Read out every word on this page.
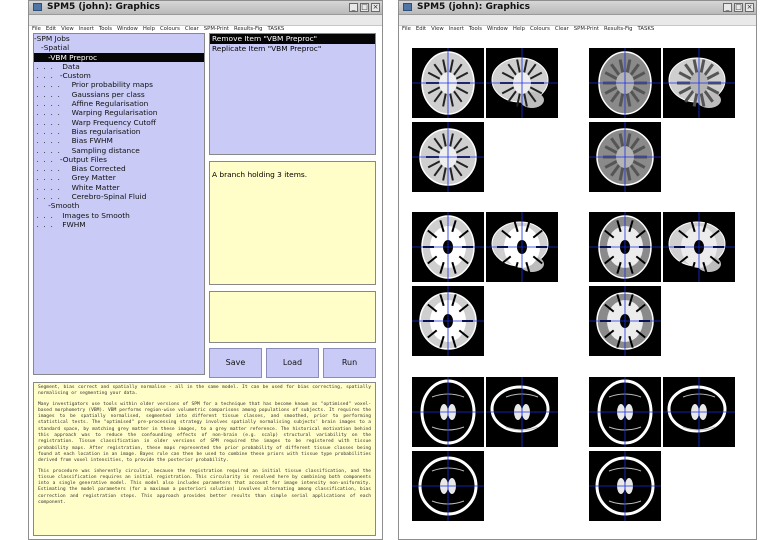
SPM5 (john): Graphics	_ □ ×
File Edit View Insert Tools Window Help Colours Clear SPM-Print Results-Fig TASKS
-SPM Jobs
-Spatial
-VBM Preproc
.  .  .    Data
.  .  .   -Custom
.  .  .  .     Prior probability maps
.  .  .  .     Gaussians per class
.  .  .  .     Affine Regularisation
.  .  .  .     Warping Regularisation
.  .  .  .     Warp Frequency Cutoff
.  .  .  .     Bias regularisation
.  .  .  .     Bias FWHM
.  .  .  .     Sampling distance
.  .  .   -Output Files
.  .  .  .     Bias Corrected
.  .  .  .     Grey Matter
.  .  .  .     White Matter
.  .  .  .     Cerebro-Spinal Fluid
-Smooth
.  .  .    Images to Smooth
.  .  .    FWHM
Remove Item "VBM Preproc"
Replicate Item "VBM Preproc"
A branch holding 3 items.
Save	Load	Run

Segment, bias correct and spatially normalise - all in the same model. It can be used for bias correcting, spatially normalising or segmenting your data.

Many investigators use tools within older versions of SPM for a technique that has become known as "optimised" voxel-based morphometry (VBM). VBM performs region-wise volumetric comparisons among populations of subjects. It requires the images to be spatially normalised, segmented into different tissue classes, and smoothed, prior to performing statistical tests. The "optimised" pre-processing strategy involves spatially normalising subjects' brain images to a standard space, by matching grey matter in these images, to a grey matter reference. The historical motivation behind this approach was to reduce the confounding effects of non-brain (e.g. scalp) structural variability on the registration. Tissue classification in older versions of SPM required the images to be registered with tissue probability maps. After registration, these maps represented the prior probability of different tissue classes being found at each location in an image. Bayes rule can then be used to combine these priors with tissue type probabilities derived from voxel intensities, to provide the posterior probability.

This procedure was inherently circular, because the registration required an initial tissue classification, and the tissue classification requires an initial registration. This circularity is resolved here by combining both components into a single generative model. This model also includes parameters that account for image intensity non-uniformity. Estimating the model parameters (for a maximum a posteriori solution) involves alternating among classification, bias correction and registration steps. This approach provides better results than simple serial applications of each component.

SPM5 (john): Graphics	_ □ ×
File Edit View Insert Tools Window Help Colours Clear SPM-Print Results-Fig TASKS
